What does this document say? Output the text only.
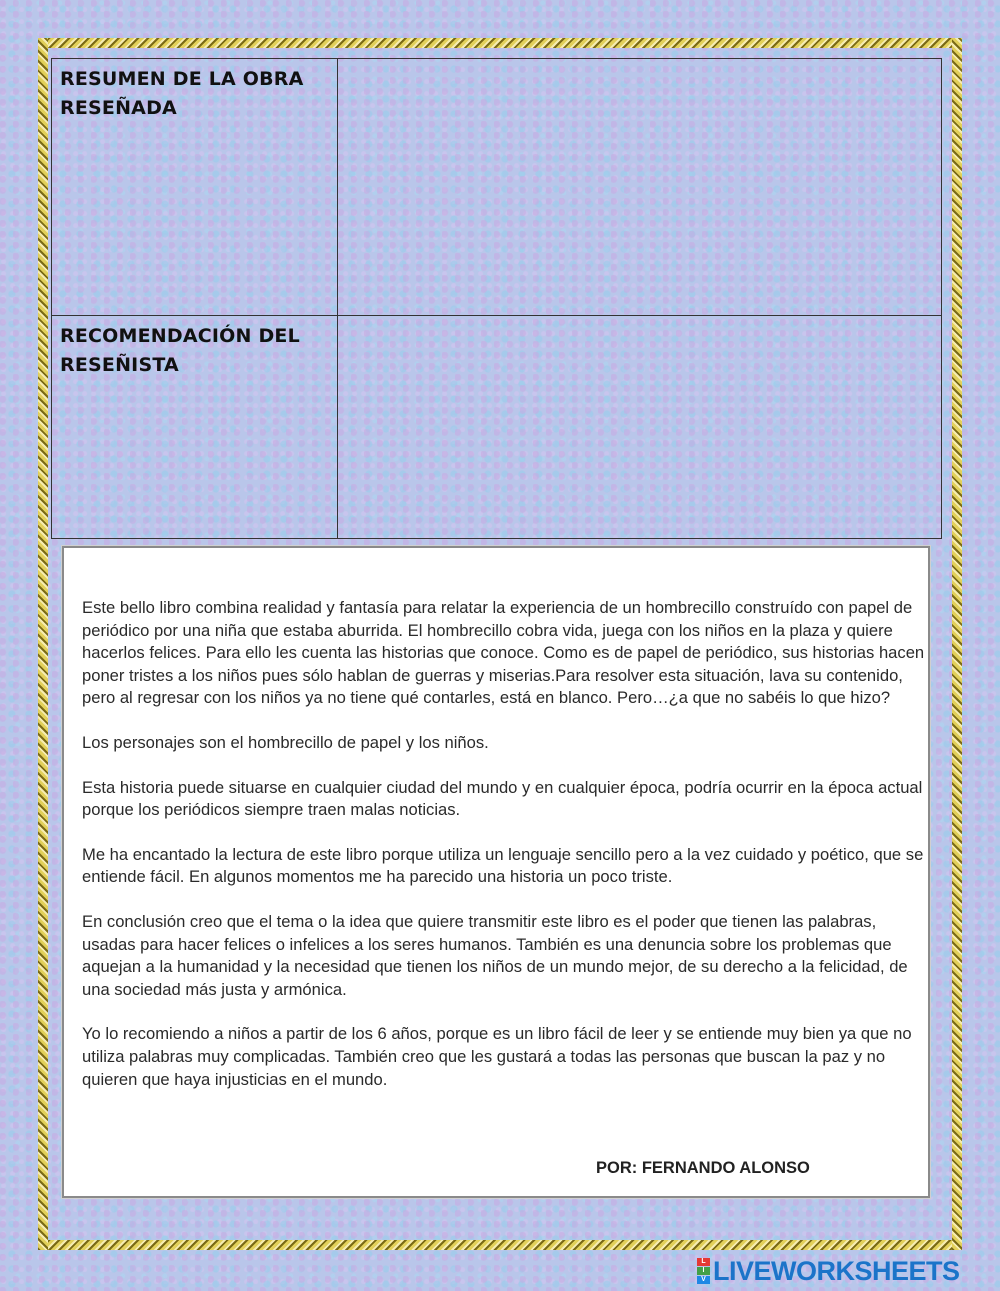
RESUMEN DE LA OBRA RESEÑADA	

RECOMENDACIÓN DEL RESEÑISTA	

Este bello libro combina realidad y fantasía para relatar la experiencia de un hombrecillo construído con papel de periódico por una niña que estaba aburrida. El hombrecillo cobra vida, juega con los niños en la plaza y quiere hacerlos felices. Para ello les cuenta las historias que conoce. Como es de papel de periódico, sus historias hacen poner tristes a los niños pues sólo hablan de guerras y miserias.Para resolver esta situación, lava su contenido, pero al regresar con los niños ya no tiene qué contarles, está en blanco. Pero…¿a que no sabéis lo que hizo?

Los personajes son el hombrecillo de papel y los niños.

Esta historia puede situarse en cualquier ciudad del mundo y en cualquier época, podría ocurrir en la época actual porque los periódicos siempre traen malas noticias.

Me ha encantado la lectura de este libro porque utiliza un lenguaje sencillo pero a la vez cuidado y poético, que se entiende fácil. En algunos momentos me ha parecido una historia un poco triste.

En conclusión creo que el tema o la idea que quiere transmitir este libro es el poder que tienen las palabras, usadas para hacer felices o infelices a los seres humanos. También es una denuncia sobre los problemas que aquejan a la humanidad y la necesidad que tienen los niños de un mundo mejor, de su derecho a la felicidad, de una sociedad más justa y armónica.

Yo lo recomiendo a niños a partir de los 6 años, porque es un libro fácil de leer y se entiende muy bien ya que no utiliza palabras muy complicadas. También creo que les gustará a todas las personas que buscan la paz y no quieren que haya injusticias en el mundo.

POR: FERNANDO ALONSO
L
I
V LIVEWORKSHEETS
